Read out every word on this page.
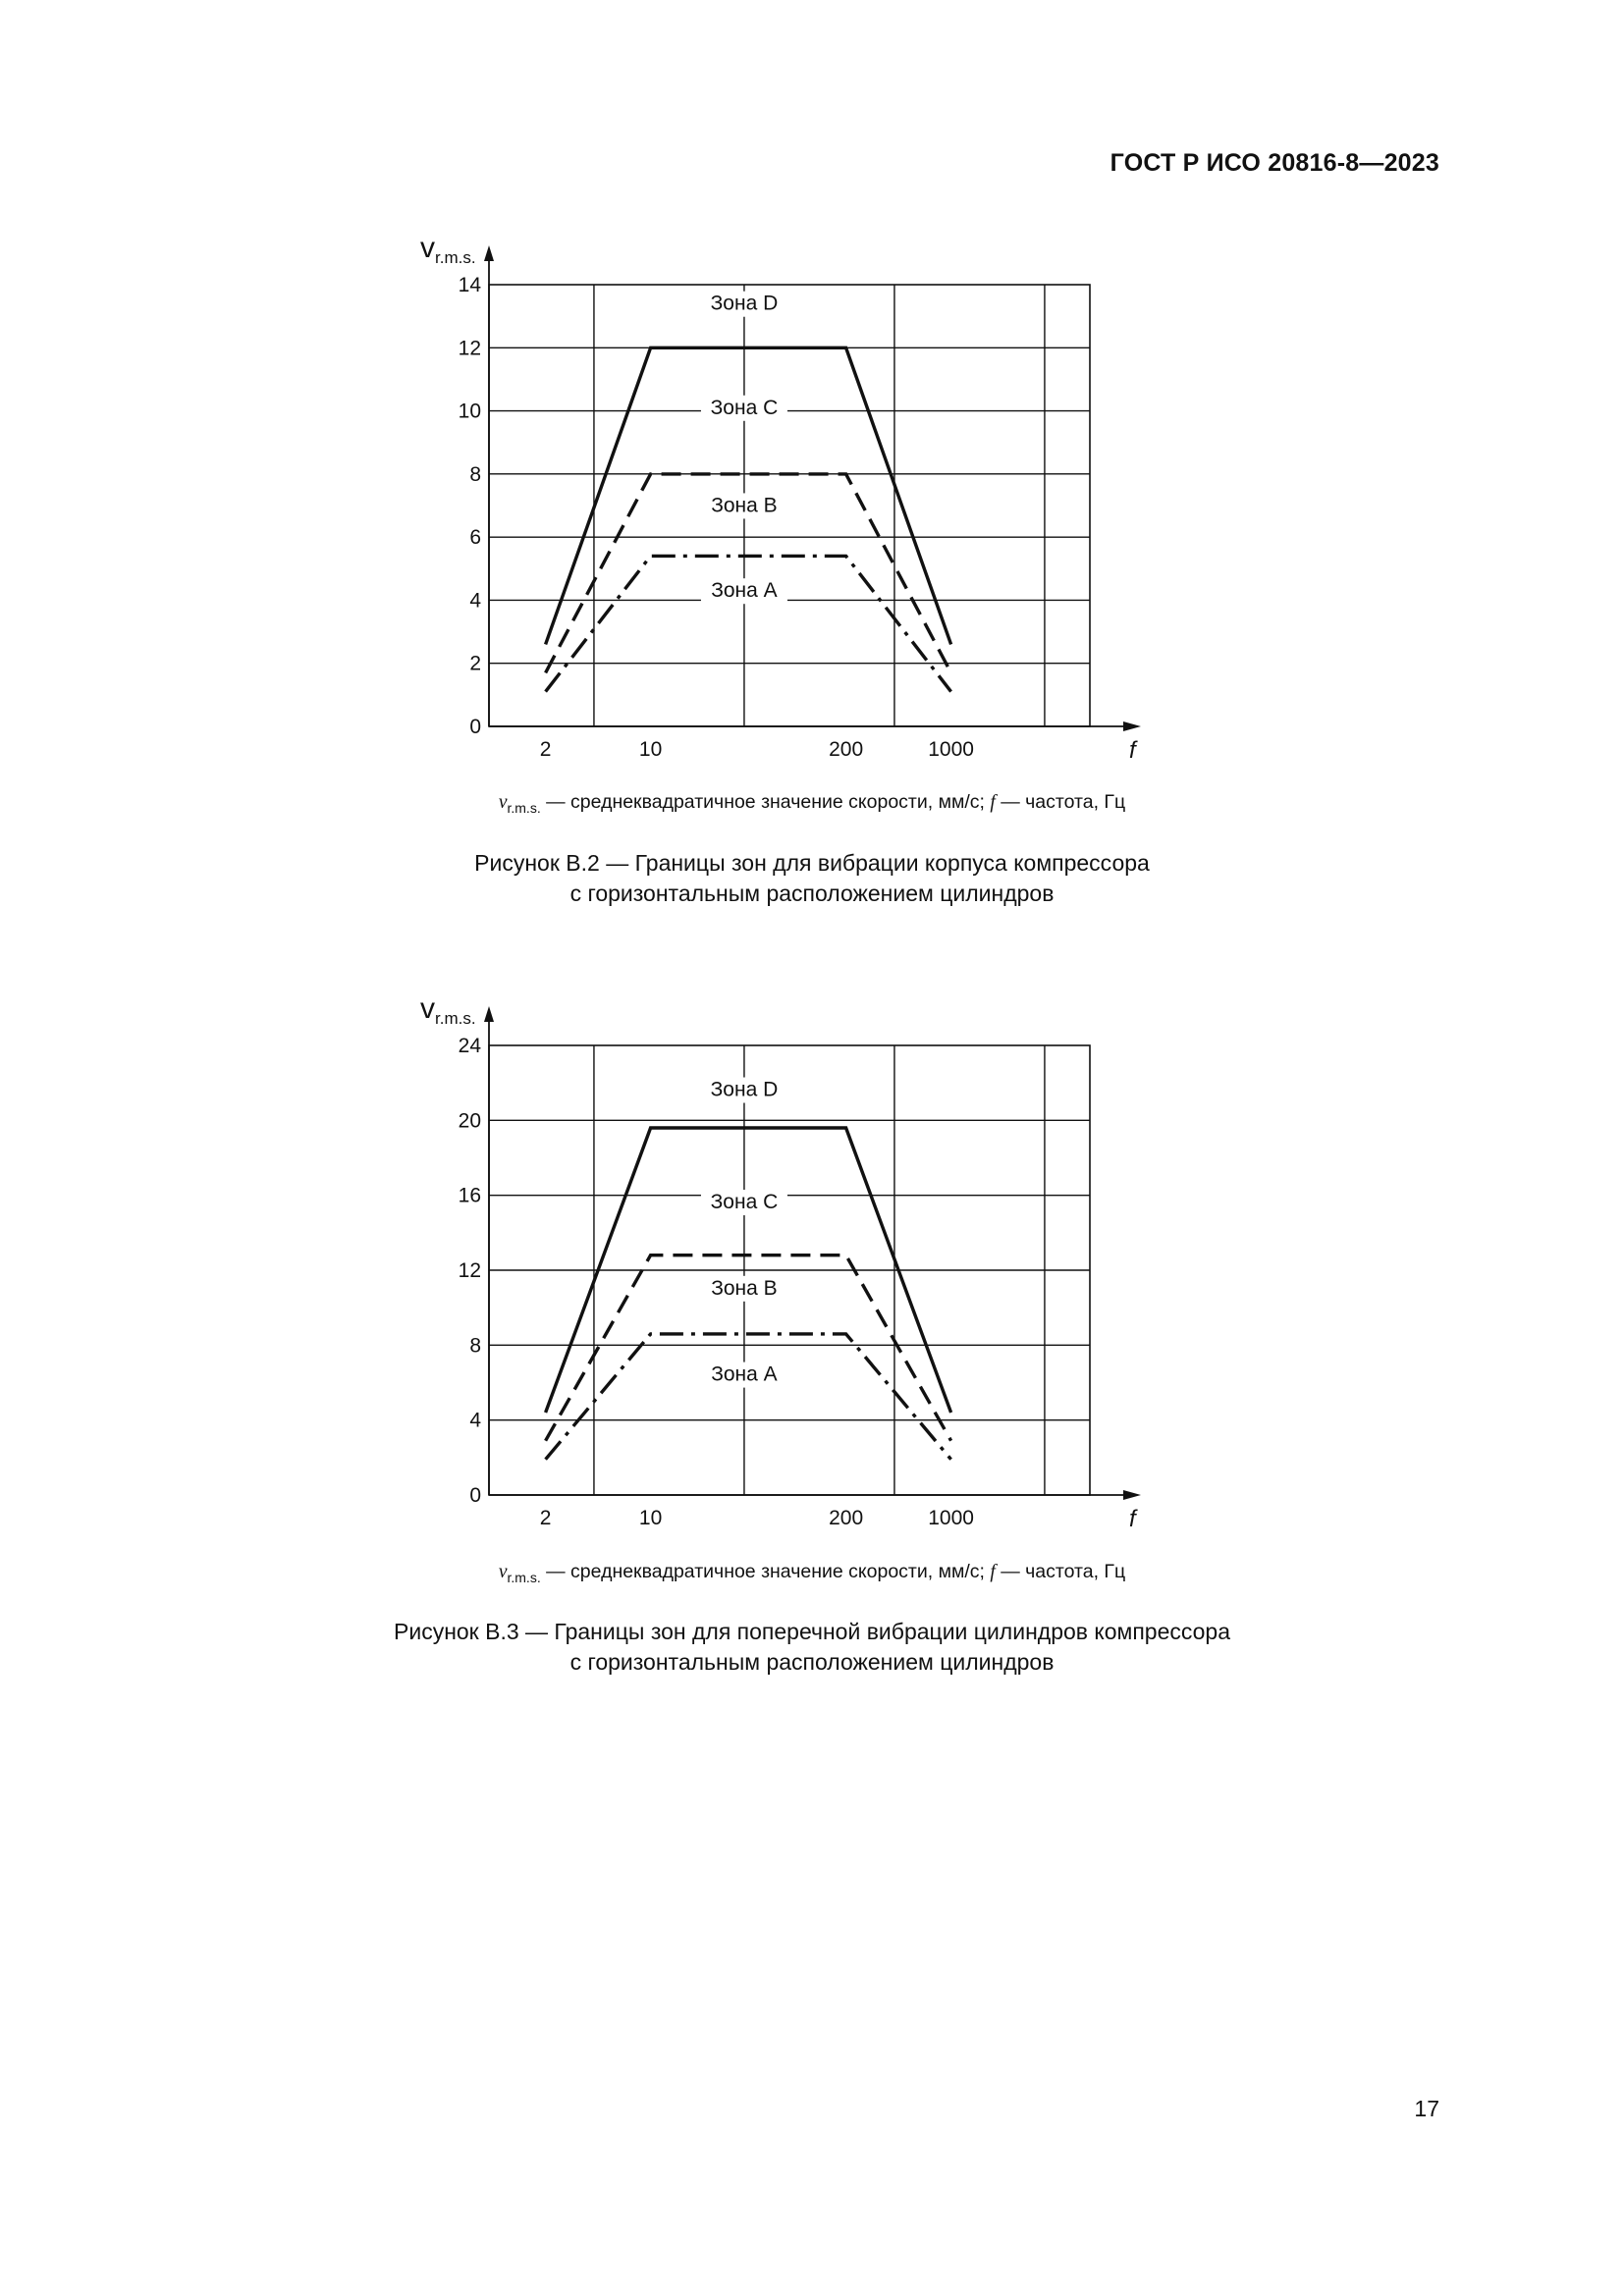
ГОСТ Р ИСО 20816-8—2023
0
2
4
6
8
10
12
14
2	10	200	1000
vr.m.s.
f
Зона D
Зона C
Зона B
Зона A
$v_{r.m.s.}$ — среднеквадратичное значение скорости, мм/с; f — частота, Гц
Рисунок B.2 — Границы зон для вибрации корпуса компрессора
с горизонтальным расположением цилиндров
0
4
8
12
16
20
24
2	10	200	1000
vr.m.s.
f
Зона D
Зона C
Зона B
Зона A
$v_{r.m.s.}$ — среднеквадратичное значение скорости, мм/с; f — частота, Гц
Рисунок B.3 — Границы зон для поперечной вибрации цилиндров компрессора
с горизонтальным расположением цилиндров
17
